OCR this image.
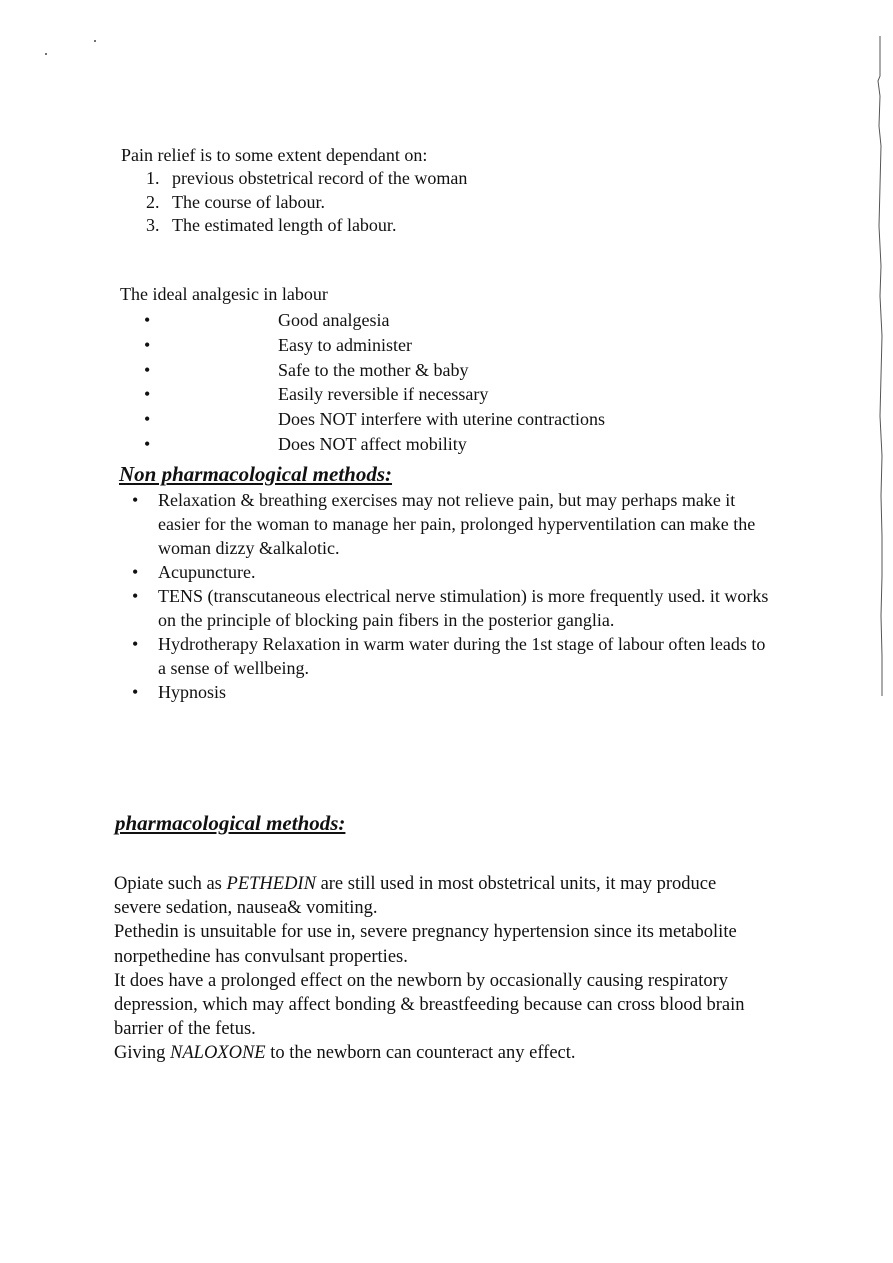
Pain relief is to some extent dependant on:
1. previous obstetrical record of the woman
2. The course of labour.
3. The estimated length of labour.
The ideal analgesic in labour
•	Good analgesia
•	Easy to administer
•	Safe to the mother & baby
•	Easily reversible if necessary
•	Does NOT interfere with uterine contractions
•	Does NOT affect mobility
Non pharmacological methods:
• Relaxation & breathing exercises may not relieve pain, but may perhaps make it easier for the woman to manage her pain, prolonged hyperventilation can make the woman dizzy &alkalotic.
• Acupuncture.
• TENS (transcutaneous electrical nerve stimulation) is more frequently used. it works on the principle of blocking pain fibers in the posterior ganglia.
• Hydrotherapy Relaxation in warm water during the 1st stage of labour often leads to a sense of wellbeing.
• Hypnosis
pharmacological methods:

Opiate such as PETHEDIN are still used in most obstetrical units, it may produce severe sedation, nausea& vomiting.

Pethedin is unsuitable for use in, severe pregnancy hypertension since its metabolite norpethedine has convulsant properties.

It does have a prolonged effect on the newborn by occasionally causing respiratory depression, which may affect bonding & breastfeeding because can cross blood brain barrier of the fetus.

Giving NALOXONE to the newborn can counteract any effect.
